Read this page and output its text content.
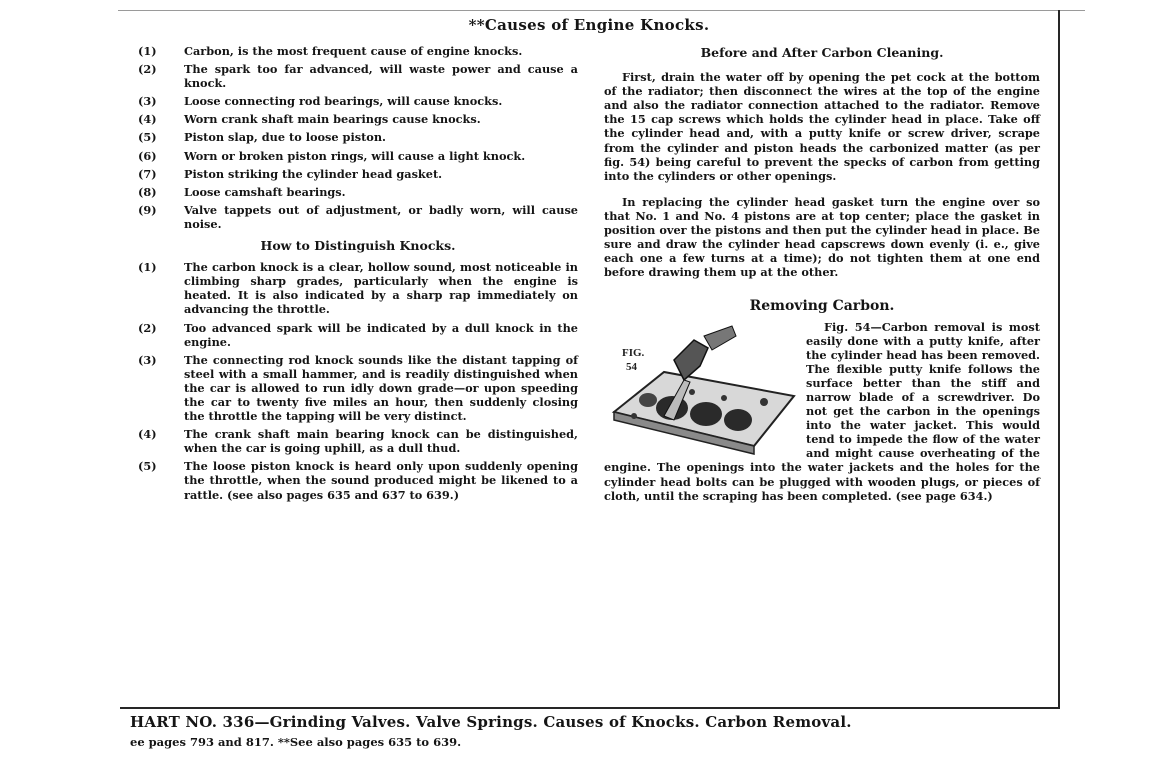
**Causes of Engine Knocks.
(1)	Carbon, is the most frequent cause of engine knocks.
(2)	The spark too far advanced, will waste power and cause a knock.
(3)	Loose connecting rod bearings, will cause knocks.
(4)	Worn crank shaft main bearings cause knocks.
(5)	Piston slap, due to loose piston.
(6)	Worn or broken piston rings, will cause a light knock.
(7)	Piston striking the cylinder head gasket.
(8)	Loose camshaft bearings.
(9)	Valve tappets out of adjustment, or badly worn, will cause noise.
How to Distinguish Knocks.
(1)	The carbon knock is a clear, hollow sound, most noticeable in climbing sharp grades, particularly when the engine is heated. It is also indicated by a sharp rap immediately on advancing the throttle.
(2)	Too advanced spark will be indicated by a dull knock in the engine.
(3)	The connecting rod knock sounds like the distant tapping of steel with a small hammer, and is readily distinguished when the car is allowed to run idly down grade—or upon speeding the car to twenty five miles an hour, then suddenly closing the throttle the tapping will be very distinct.
(4)	The crank shaft main bearing knock can be distinguished, when the car is going uphill, as a dull thud.
(5)	The loose piston knock is heard only upon suddenly opening the throttle, when the sound produced might be likened to a rattle. (see also pages 635 and 637 to 639.)
Before and After Carbon Cleaning.

First, drain the water off by opening the pet cock at the bottom of the radiator; then disconnect the wires at the top of the engine and also the radiator connection attached to the radiator. Remove the 15 cap screws which holds the cylinder head in place. Take off the cylinder head and, with a putty knife or screw driver, scrape from the cylinder and piston heads the carbonized matter (as per fig. 54) being careful to prevent the specks of carbon from getting into the cylinders or other openings.

In replacing the cylinder head gasket turn the engine over so that No. 1 and No. 4 pistons are at top center; place the gasket in position over the pistons and then put the cylinder head in place. Be sure and draw the cylinder head capscrews down evenly (i. e., give each one a few turns at a time); do not tighten them at one end before drawing them up at the other.

Removing Carbon.

FIG. 54
Fig. 54—Carbon removal is most easily done with a putty knife, after the cylinder head has been removed. The flexible putty knife follows the surface better than the stiff and narrow blade of a screwdriver. Do not get the carbon in the openings into the water jacket. This would tend to impede the flow of the water and might cause overheating of the engine. The openings into the water jackets and the holes for the cylinder head bolts can be plugged with wooden plugs, or pieces of cloth, until the scraping has been completed. (see page 634.)

HART NO. 336—Grinding Valves. Valve Springs. Causes of Knocks. Carbon Removal.
ee pages 793 and 817. **See also pages 635 to 639.
